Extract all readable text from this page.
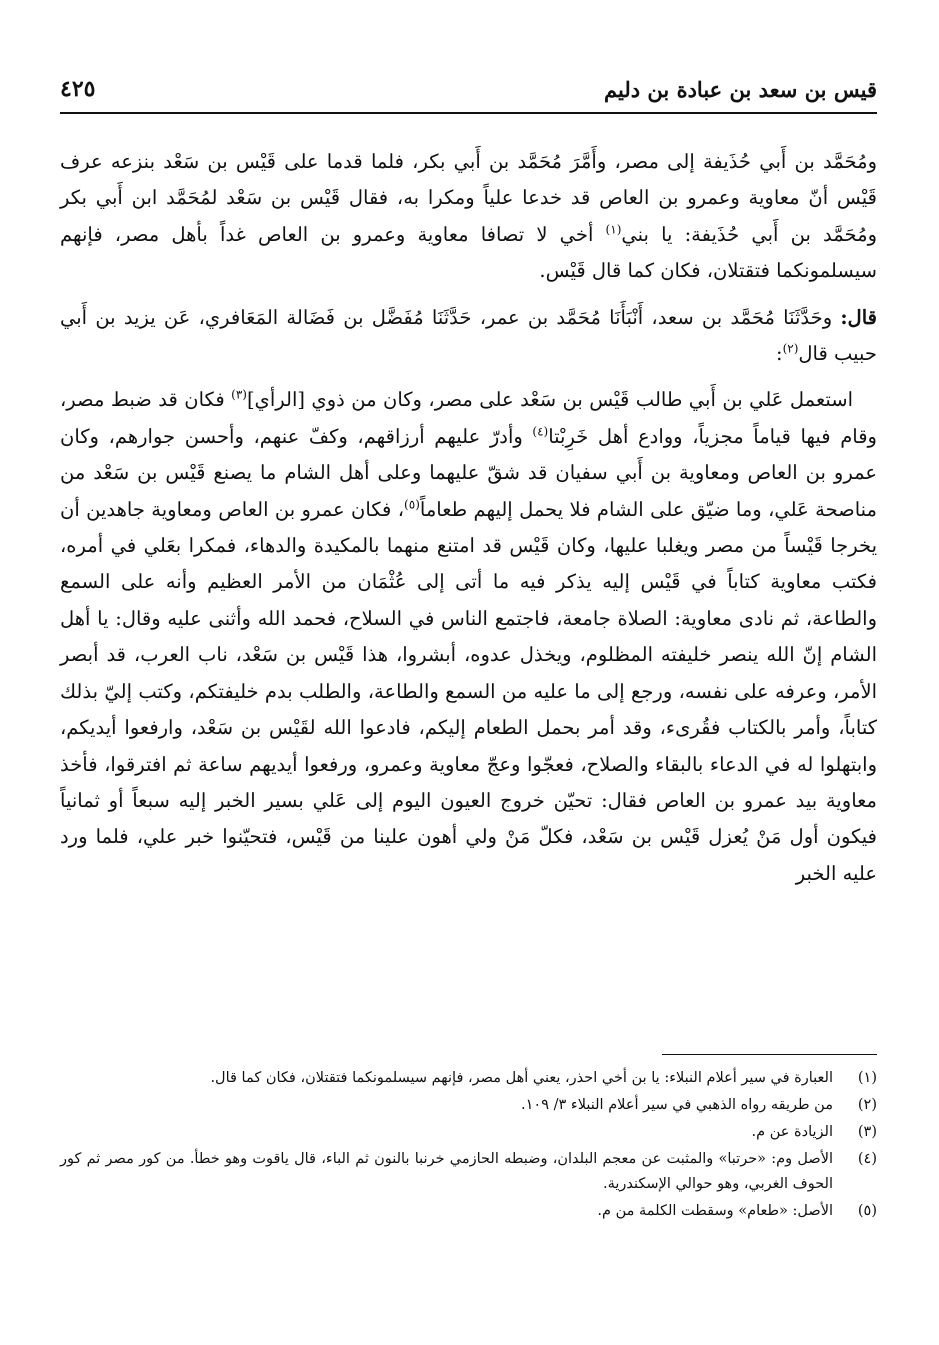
٤٢٥	قيس بن سعد بن عبادة بن دليم

ومُحَمَّد بن أَبي حُذَيفة إلى مصر، وأَمَّرَ مُحَمَّد بن أَبي بكر، فلما قدما على قَيْس بن سَعْد بنزعه عرف قَيْس أنّ معاوية وعمرو بن العاص قد خدعا علياً ومكرا به، فقال قَيْس بن سَعْد لمُحَمَّد ابن أَبي بكر ومُحَمَّد بن أَبي حُذَيفة: يا بني$^{(١)}$ أخي لا تصافا معاوية وعمرو بن العاص غداً بأهل مصر، فإنهم سيسلمونكما فتقتلان، فكان كما قال قَيْس.

قال: وحَدَّثَنَا مُحَمَّد بن سعد، أَنْبَأَنَا مُحَمَّد بن عمر، حَدَّثَنَا مُفَضَّل بن فَضَالة المَعَافري، عَن يزيد بن أَبي حبيب قال$^{(٢)}$:

استعمل عَلي بن أَبي طالب قَيْس بن سَعْد على مصر، وكان من ذوي [الرأي]$^{(٣)}$ فكان قد ضبط مصر، وقام فيها قياماً مجزياً، ووادع أهل خَرِبْتا$^{(٤)}$ وأدرّ عليهم أرزاقهم، وكفّ عنهم، وأحسن جوارهم، وكان عمرو بن العاص ومعاوية بن أَبي سفيان قد شقّ عليهما وعلى أهل الشام ما يصنع قَيْس بن سَعْد من مناصحة عَلي، وما ضيّق على الشام فلا يحمل إليهم طعاماً$^{(٥)}$، فكان عمرو بن العاص ومعاوية جاهدين أن يخرجا قَيْساً من مصر ويغلبا عليها، وكان قَيْس قد امتنع منهما بالمكيدة والدهاء، فمكرا بعَلي في أمره، فكتب معاوية كتاباً في قَيْس إليه يذكر فيه ما أتى إلى عُثْمَان من الأمر العظيم وأنه على السمع والطاعة، ثم نادى معاوية: الصلاة جامعة، فاجتمع الناس في السلاح، فحمد الله وأثنى عليه وقال: يا أهل الشام إنّ الله ينصر خليفته المظلوم، ويخذل عدوه، أبشروا، هذا قَيْس بن سَعْد، ناب العرب، قد أبصر الأمر، وعرفه على نفسه، ورجع إلى ما عليه من السمع والطاعة، والطلب بدم خليفتكم، وكتب إليّ بذلك كتاباً، وأمر بالكتاب فقُرىء، وقد أمر بحمل الطعام إليكم، فادعوا الله لقَيْس بن سَعْد، وارفعوا أيديكم، وابتهلوا له في الدعاء بالبقاء والصلاح، فعجّوا وعجّ معاوية وعمرو، ورفعوا أيديهم ساعة ثم افترقوا، فأخذ معاوية بيد عمرو بن العاص فقال: تحيّن خروج العيون اليوم إلى عَلي بسير الخبر إليه سبعاً أو ثمانياً فيكون أول مَنْ يُعزل قَيْس بن سَعْد، فكلّ مَنْ ولي أهون علينا من قَيْس، فتحيّنوا خبر علي، فلما ورد عليه الخبر

(١)
العبارة في سير أعلام النبلاء: يا بن أخي احذر، يعني أهل مصر، فإنهم سيسلمونكما فتقتلان، فكان كما قال.
(٢)
من طريقه رواه الذهبي في سير أعلام النبلاء ٣/ ١٠٩.
(٣)
الزيادة عن م.
(٤)
الأصل وم: «حرتبا» والمثبت عن معجم البلدان، وضبطه الحازمي خرنبا بالنون ثم الباء، قال ياقوت وهو خطأ. من كور مصر ثم كور الحوف الغربي، وهو حوالي الإسكندرية.
(٥)
الأصل: «طعام» وسقطت الكلمة من م.
